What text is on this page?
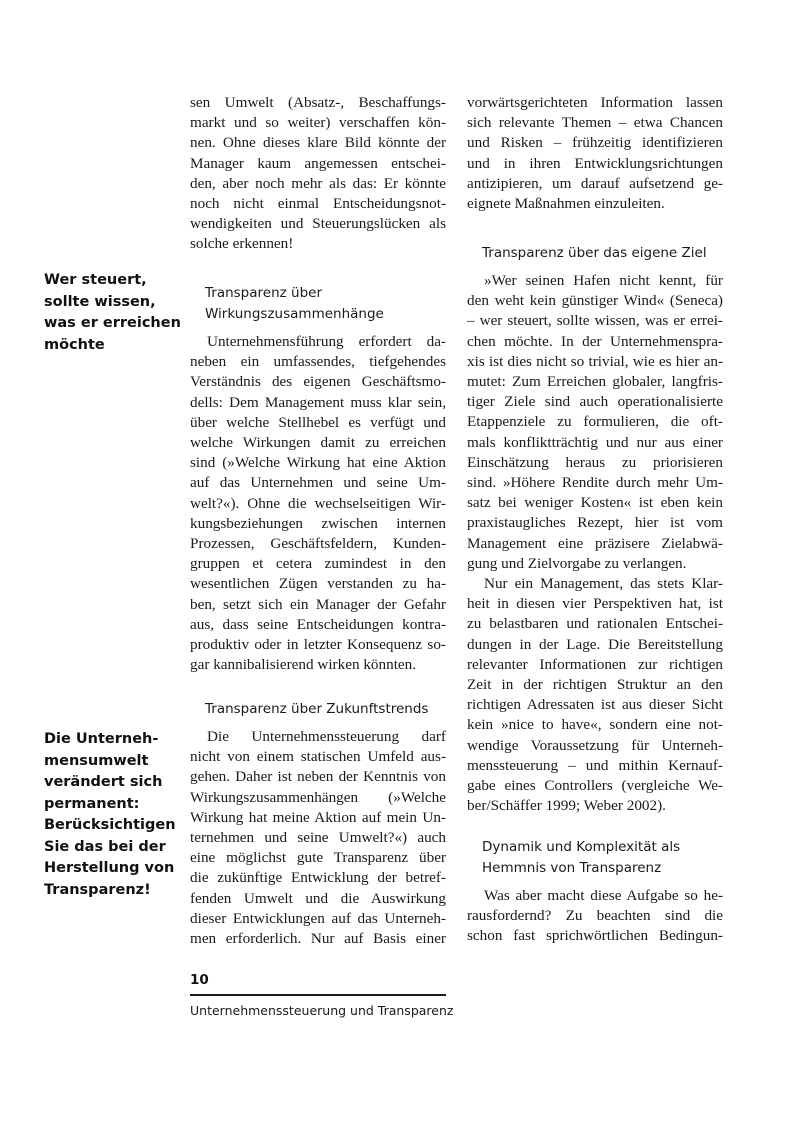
Wer steuert,
sollte wissen,
was er erreichen
möchte
Die Unterneh-
mensumwelt
verändert sich
permanent:
Berücksichtigen
Sie das bei der
Herstellung von
Transparenz!
sen Umwelt (Absatz-, Beschaffungs-
markt und so weiter) verschaffen kön-
nen. Ohne dieses klare Bild könnte der
Manager kaum angemessen entschei-
den, aber noch mehr als das: Er könnte
noch nicht einmal Entscheidungsnot-
wendigkeiten und Steuerungslücken als
solche erkennen!
Transparenz über
Wirkungszusammenhänge
Unternehmensführung erfordert da-
neben ein umfassendes, tiefgehendes
Verständnis des eigenen Geschäftsmo-
dells: Dem Management muss klar sein,
über welche Stellhebel es verfügt und
welche Wirkungen damit zu erreichen
sind (»Welche Wirkung hat eine Aktion
auf das Unternehmen und seine Um-
welt?«). Ohne die wechselseitigen Wir-
kungsbeziehungen zwischen internen
Prozessen, Geschäftsfeldern, Kunden-
gruppen et cetera zumindest in den
wesentlichen Zügen verstanden zu ha-
ben, setzt sich ein Manager der Gefahr
aus, dass seine Entscheidungen kontra-
produktiv oder in letzter Konsequenz so-
gar kannibalisierend wirken könnten.
Transparenz über Zukunftstrends
Die Unternehmenssteuerung darf
nicht von einem statischen Umfeld aus-
gehen. Daher ist neben der Kenntnis von
Wirkungszusammenhängen (»Welche
Wirkung hat meine Aktion auf mein Un-
ternehmen und seine Umwelt?«) auch
eine möglichst gute Transparenz über
die zukünftige Entwicklung der betref-
fenden Umwelt und die Auswirkung
dieser Entwicklungen auf das Unterneh-
men erforderlich. Nur auf Basis einer
vorwärtsgerichteten Information lassen
sich relevante Themen – etwa Chancen
und Risken – frühzeitig identifizieren
und in ihren Entwicklungsrichtungen
antizipieren, um darauf aufsetzend ge-
eignete Maßnahmen einzuleiten.
Transparenz über das eigene Ziel
»Wer seinen Hafen nicht kennt, für
den weht kein günstiger Wind« (Seneca)
– wer steuert, sollte wissen, was er errei-
chen möchte. In der Unternehmenspra-
xis ist dies nicht so trivial, wie es hier an-
mutet: Zum Erreichen globaler, langfris-
tiger Ziele sind auch operationalisierte
Etappenziele zu formulieren, die oft-
mals konfliktträchtig und nur aus einer
Einschätzung heraus zu priorisieren
sind. »Höhere Rendite durch mehr Um-
satz bei weniger Kosten« ist eben kein
praxistaugliches Rezept, hier ist vom
Management eine präzisere Zielabwä-
gung und Zielvorgabe zu verlangen.
Nur ein Management, das stets Klar-
heit in diesen vier Perspektiven hat, ist
zu belastbaren und rationalen Entschei-
dungen in der Lage. Die Bereitstellung
relevanter Informationen zur richtigen
Zeit in der richtigen Struktur an den
richtigen Adressaten ist aus dieser Sicht
kein »nice to have«, sondern eine not-
wendige Voraussetzung für Unterneh-
menssteuerung – und mithin Kernauf-
gabe eines Controllers (vergleiche We-
ber/Schäffer 1999; Weber 2002).
Dynamik und Komplexität als
Hemmnis von Transparenz
Was aber macht diese Aufgabe so he-
rausfordernd? Zu beachten sind die
schon fast sprichwörtlichen Bedingun-
10
Unternehmenssteuerung und Transparenz
